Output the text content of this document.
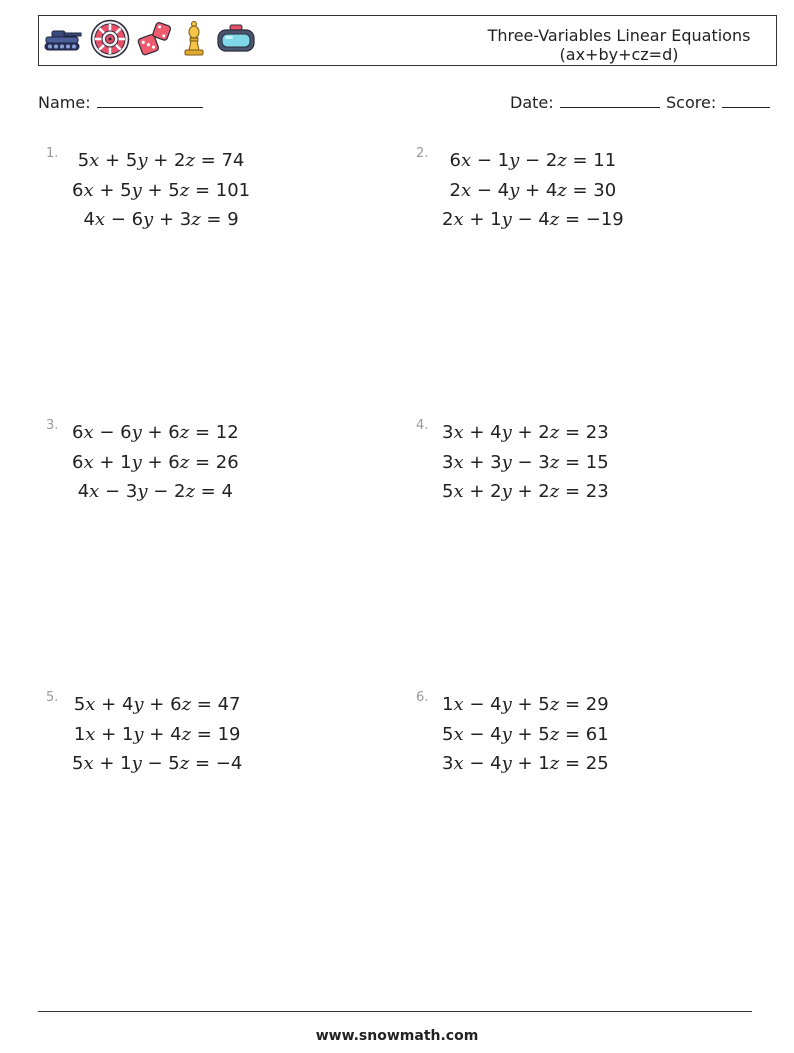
Three-Variables Linear Equations
(ax+by+cz=d)
Name:	Date:	Score:
1.	5x + 5y + 2z = 74
6x + 5y + 5z = 101
4x − 6y + 3z = 9
2.	6x − 1y − 2z = 11
2x − 4y + 4z = 30
2x + 1y − 4z = −19
3. 6x − 6y + 6z = 12
6x + 1y + 6z = 26
4x − 3y − 2z = 4
4. 3x + 4y + 2z = 23
3x + 3y − 3z = 15
5x + 2y + 2z = 23
5. 5x + 4y + 6z = 47
1x + 1y + 4z = 19
5x + 1y − 5z = −4
6. 1x − 4y + 5z = 29
5x − 4y + 5z = 61
3x − 4y + 1z = 25
www.snowmath.com
